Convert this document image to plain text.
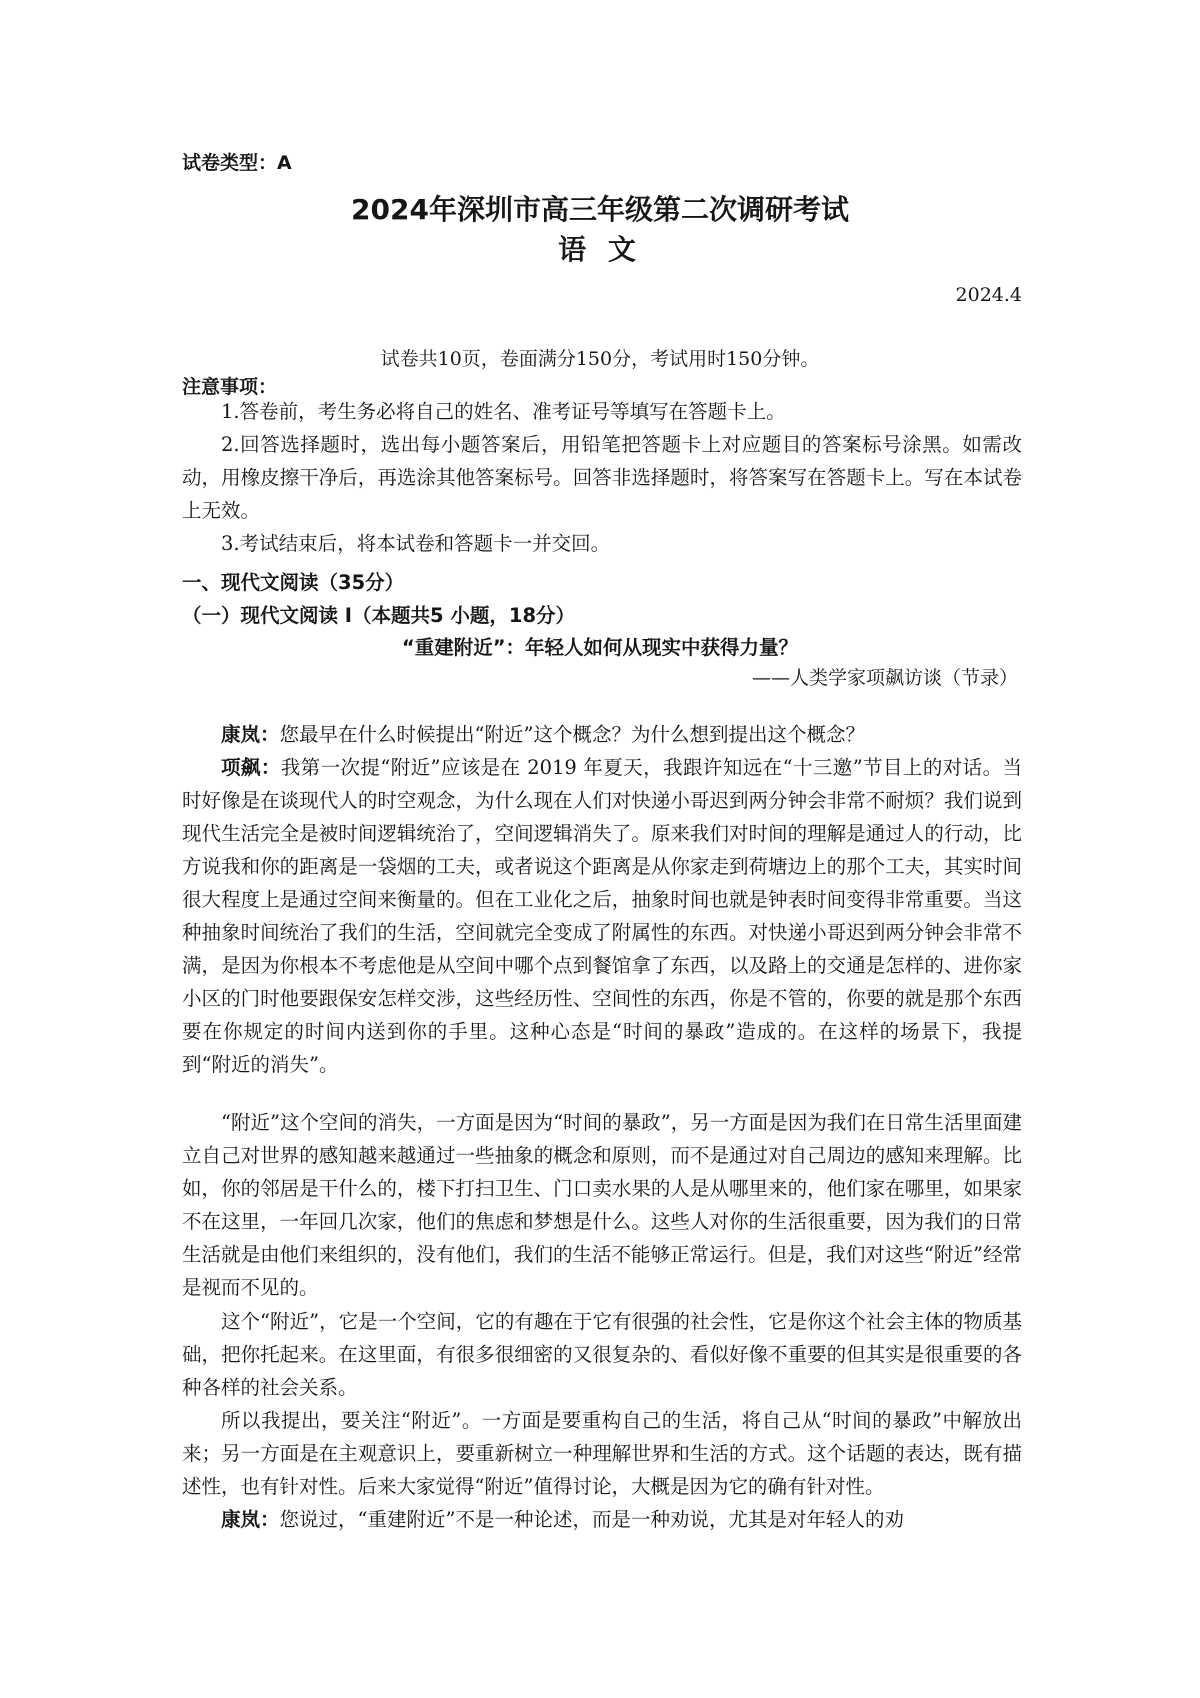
试卷类型：A
2024年深圳市高三年级第二次调研考试
语 文
2024.4
试卷共10页，卷面满分150分，考试用时150分钟。
注意事项：
1.答卷前，考生务必将自己的姓名、准考证号等填写在答题卡上。
2.回答选择题时，选出每小题答案后，用铅笔把答题卡上对应题目的答案标号涂黑。如需改动，用橡皮擦干净后，再选涂其他答案标号。回答非选择题时，将答案写在答题卡上。写在本试卷上无效。
3.考试结束后，将本试卷和答题卡一并交回。
一、现代文阅读（35分）
（一）现代文阅读 I（本题共5 小题，18分）
“重建附近”：年轻人如何从现实中获得力量？
——人类学家项飙访谈（节录）
康岚：您最早在什么时候提出“附近”这个概念？为什么想到提出这个概念？
项飙：我第一次提“附近”应该是在 2019 年夏天，我跟许知远在“十三邀”节目上的对话。当时好像是在谈现代人的时空观念，为什么现在人们对快递小哥迟到两分钟会非常不耐烦？我们说到现代生活完全是被时间逻辑统治了，空间逻辑消失了。原来我们对时间的理解是通过人的行动，比方说我和你的距离是一袋烟的工夫，或者说这个距离是从你家走到荷塘边上的那个工夫，其实时间很大程度上是通过空间来衡量的。但在工业化之后，抽象时间也就是钟表时间变得非常重要。当这种抽象时间统治了我们的生活，空间就完全变成了附属性的东西。对快递小哥迟到两分钟会非常不满，是因为你根本不考虑他是从空间中哪个点到餐馆拿了东西，以及路上的交通是怎样的、进你家小区的门时他要跟保安怎样交涉，这些经历性、空间性的东西，你是不管的，你要的就是那个东西要在你规定的时间内送到你的手里。这种心态是“时间的暴政”造成的。在这样的场景下，我提到“附近的消失”。
“附近”这个空间的消失，一方面是因为“时间的暴政”，另一方面是因为我们在日常生活里面建立自己对世界的感知越来越通过一些抽象的概念和原则，而不是通过对自己周边的感知来理解。比如，你的邻居是干什么的，楼下打扫卫生、门口卖水果的人是从哪里来的，他们家在哪里，如果家不在这里，一年回几次家，他们的焦虑和梦想是什么。这些人对你的生活很重要，因为我们的日常生活就是由他们来组织的，没有他们，我们的生活不能够正常运行。但是，我们对这些“附近”经常是视而不见的。
这个“附近”，它是一个空间，它的有趣在于它有很强的社会性，它是你这个社会主体的物质基础，把你托起来。在这里面，有很多很细密的又很复杂的、看似好像不重要的但其实是很重要的各种各样的社会关系。
所以我提出，要关注“附近”。一方面是要重构自己的生活，将自己从“时间的暴政”中解放出来；另一方面是在主观意识上，要重新树立一种理解世界和生活的方式。这个话题的表达，既有描述性，也有针对性。后来大家觉得“附近”值得讨论，大概是因为它的确有针对性。
康岚：您说过，“重建附近”不是一种论述，而是一种劝说，尤其是对年轻人的劝
